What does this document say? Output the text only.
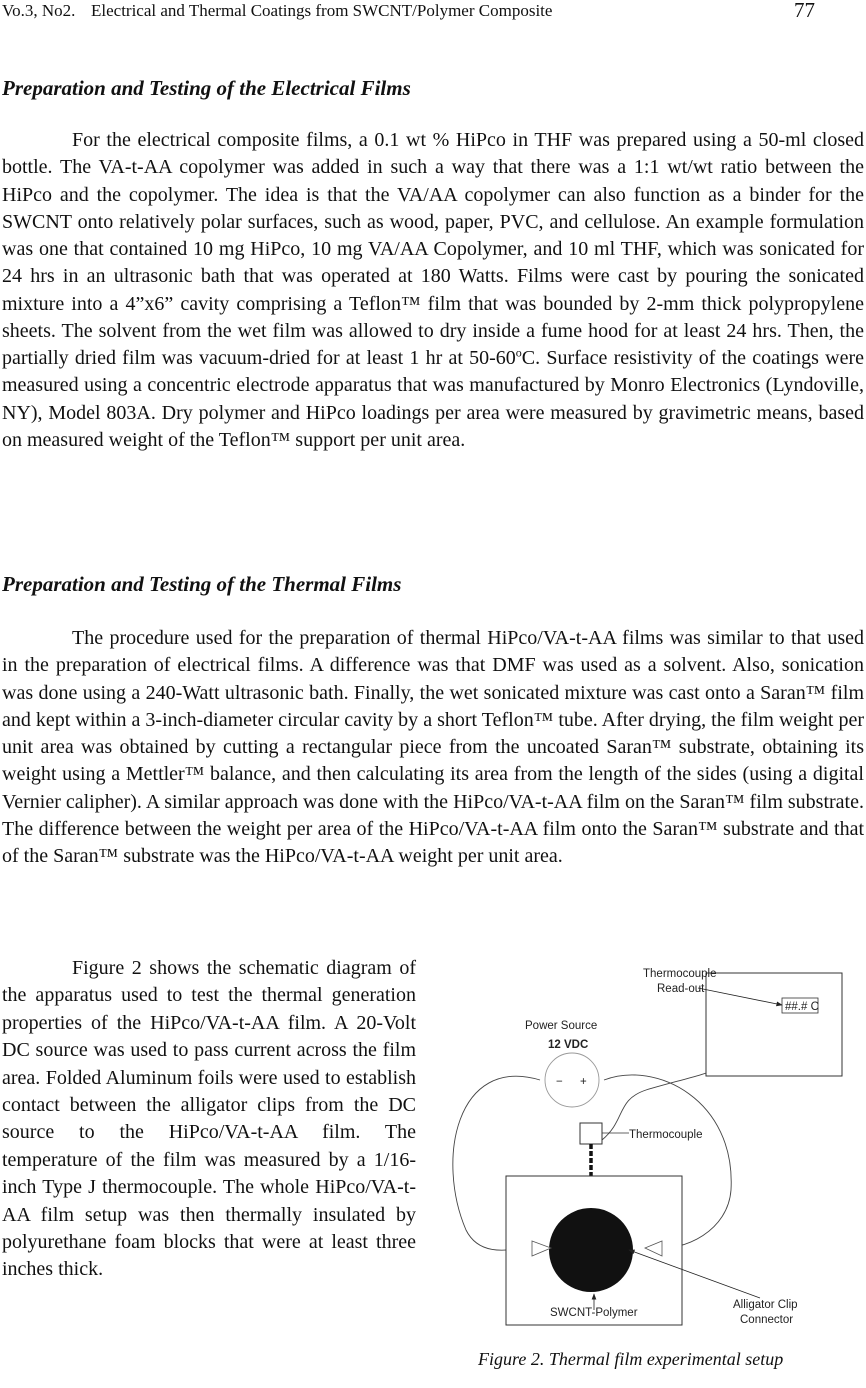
Vo.3, No2. Electrical and Thermal Coatings from SWCNT/Polymer Composite	77
Preparation and Testing of the Electrical Films

For the electrical composite films, a 0.1 wt % HiPco in THF was prepared using a 50-ml closed bottle. The VA-t-AA copolymer was added in such a way that there was a 1:1 wt/wt ratio between the HiPco and the copolymer. The idea is that the VA/AA copolymer can also function as a binder for the SWCNT onto relatively polar surfaces, such as wood, paper, PVC, and cellulose. An example formulation was one that contained 10 mg HiPco, 10 mg VA/AA Copolymer, and 10 ml THF, which was sonicated for 24 hrs in an ultrasonic bath that was operated at 180 Watts. Films were cast by pouring the sonicated mixture into a 4”x6” cavity comprising a Teflon™ film that was bounded by 2-mm thick polypropylene sheets. The solvent from the wet film was allowed to dry inside a fume hood for at least 24 hrs. Then, the partially dried film was vacuum-dried for at least 1 hr at 50-60$^o$C. Surface resistivity of the coatings were measured using a concentric electrode apparatus that was manufactured by Monro Electronics (Lyndoville, NY), Model 803A. Dry polymer and HiPco loadings per area were measured by gravimetric means, based on measured weight of the Teflon™ support per unit area.

Preparation and Testing of the Thermal Films

The procedure used for the preparation of thermal HiPco/VA-t-AA films was similar to that used in the preparation of electrical films. A difference was that DMF was used as a solvent. Also, sonication was done using a 240-Watt ultrasonic bath. Finally, the wet sonicated mixture was cast onto a Saran™ film and kept within a 3-inch-diameter circular cavity by a short Teflon™ tube. After drying, the film weight per unit area was obtained by cutting a rectangular piece from the uncoated Saran™ substrate, obtaining its weight using a Mettler™ balance, and then calculating its area from the length of the sides (using a digital Vernier calipher). A similar approach was done with the HiPco/VA-t-AA film on the Saran™ film substrate. The difference between the weight per area of the HiPco/VA-t-AA film onto the Saran™ substrate and that of the Saran™ substrate was the HiPco/VA-t-AA weight per unit area.

Figure 2 shows the schematic diagram of the apparatus used to test the thermal generation properties of the HiPco/VA-t-AA film. A 20-Volt DC source was used to pass current across the film area. Folded Aluminum foils were used to establish contact between the alligator clips from the DC source to the HiPco/VA-t-AA film. The temperature of the film was measured by a 1/16-inch Type J thermocouple. The whole HiPco/VA-t-AA film setup was then thermally insulated by polyurethane foam blocks that were at least three inches thick.

##.# C
Thermocouple
Read-out
Power Source
12 VDC
− +
Thermocouple
SWCNT-Polymer
Alligator Clip
Connector

Figure 2. Thermal film experimental setup
